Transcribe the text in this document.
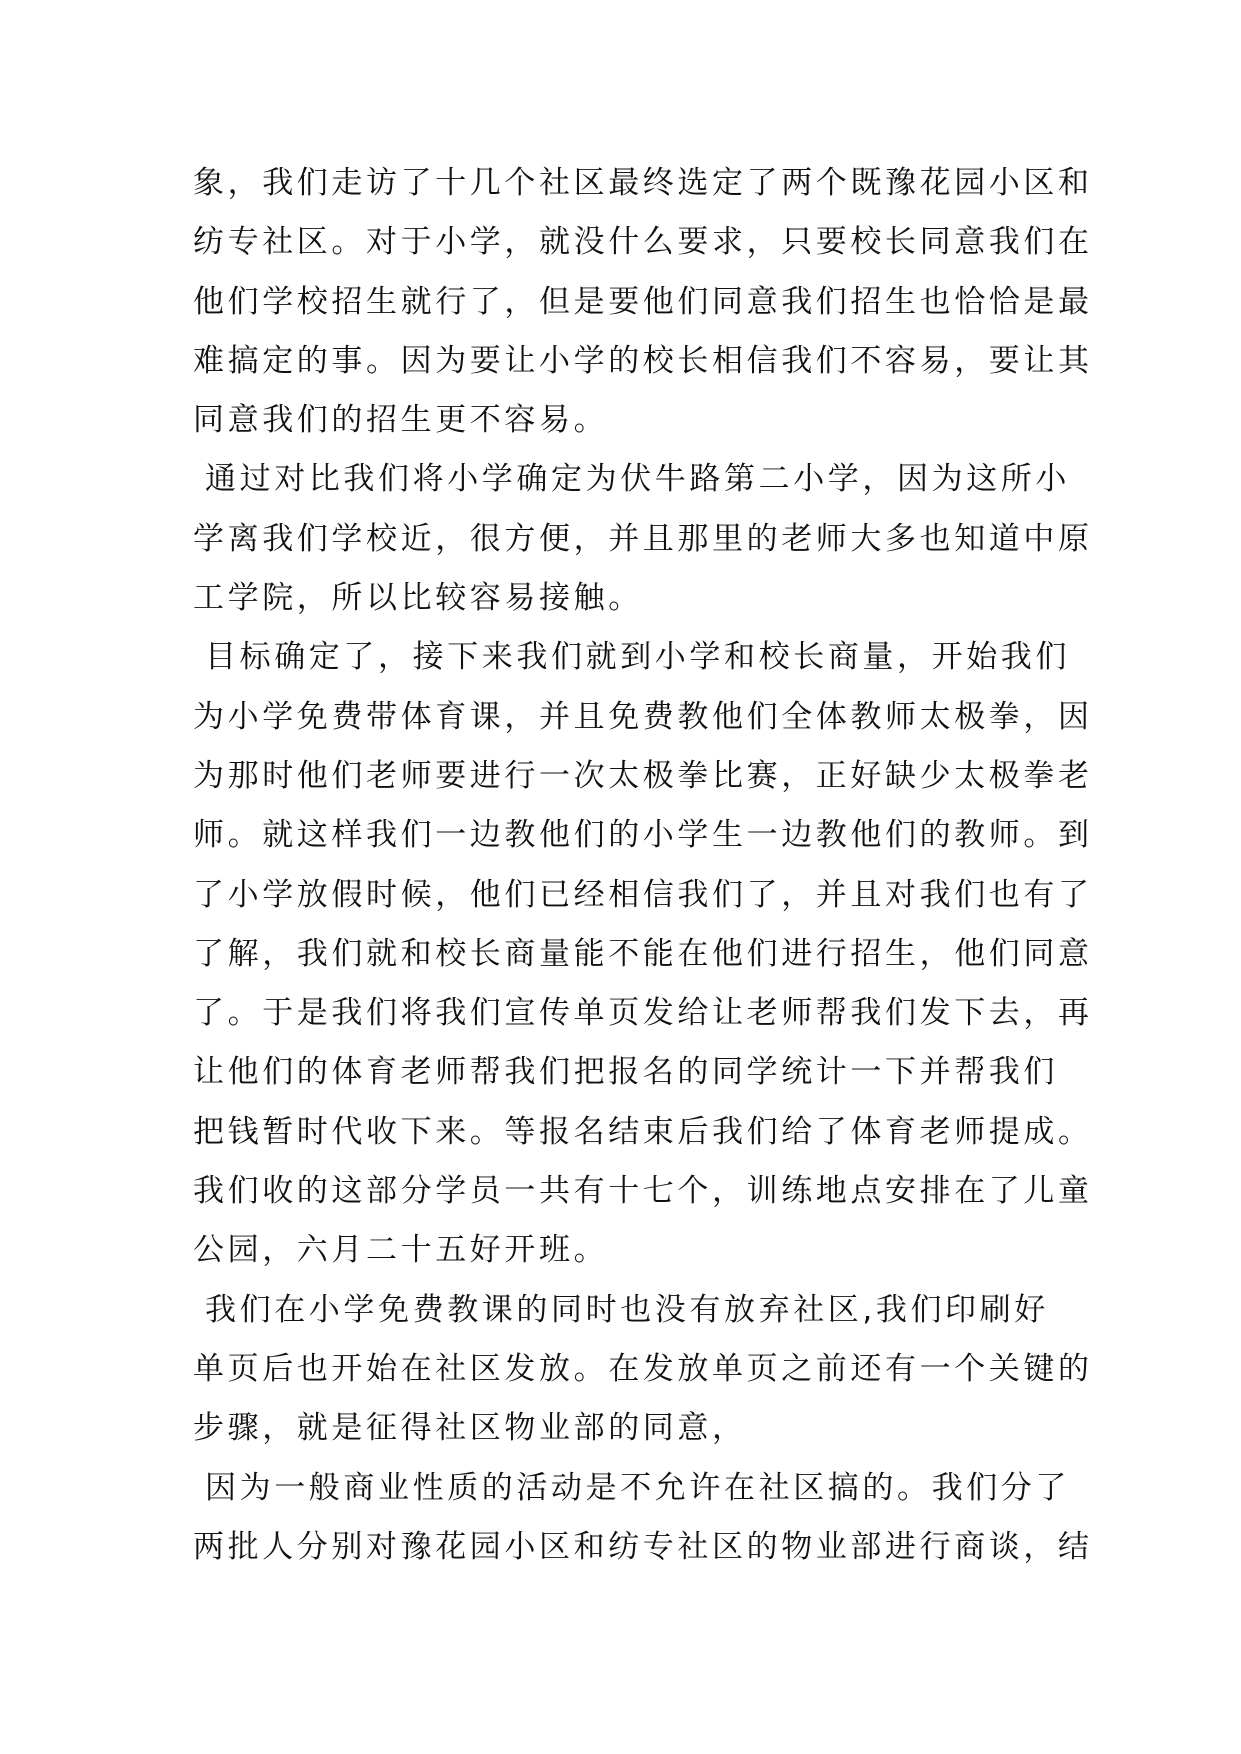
象，我们走访了十几个社区最终选定了两个既豫花园小区和
纺专社区。对于小学，就没什么要求，只要校长同意我们在
他们学校招生就行了，但是要他们同意我们招生也恰恰是最
难搞定的事。因为要让小学的校长相信我们不容易，要让其
同意我们的招生更不容易。
通过对比我们将小学确定为伏牛路第二小学，因为这所小
学离我们学校近，很方便，并且那里的老师大多也知道中原
工学院，所以比较容易接触。
目标确定了，接下来我们就到小学和校长商量，开始我们
为小学免费带体育课，并且免费教他们全体教师太极拳，因
为那时他们老师要进行一次太极拳比赛，正好缺少太极拳老
师。就这样我们一边教他们的小学生一边教他们的教师。到
了小学放假时候，他们已经相信我们了，并且对我们也有了
了解，我们就和校长商量能不能在他们进行招生，他们同意
了。于是我们将我们宣传单页发给让老师帮我们发下去，再
让他们的体育老师帮我们把报名的同学统计一下并帮我们
把钱暂时代收下来。等报名结束后我们给了体育老师提成。
我们收的这部分学员一共有十七个，训练地点安排在了儿童
公园，六月二十五好开班。
我们在小学免费教课的同时也没有放弃社区,我们印刷好
单页后也开始在社区发放。在发放单页之前还有一个关键的
步骤，就是征得社区物业部的同意，
因为一般商业性质的活动是不允许在社区搞的。我们分了
两批人分别对豫花园小区和纺专社区的物业部进行商谈，结
